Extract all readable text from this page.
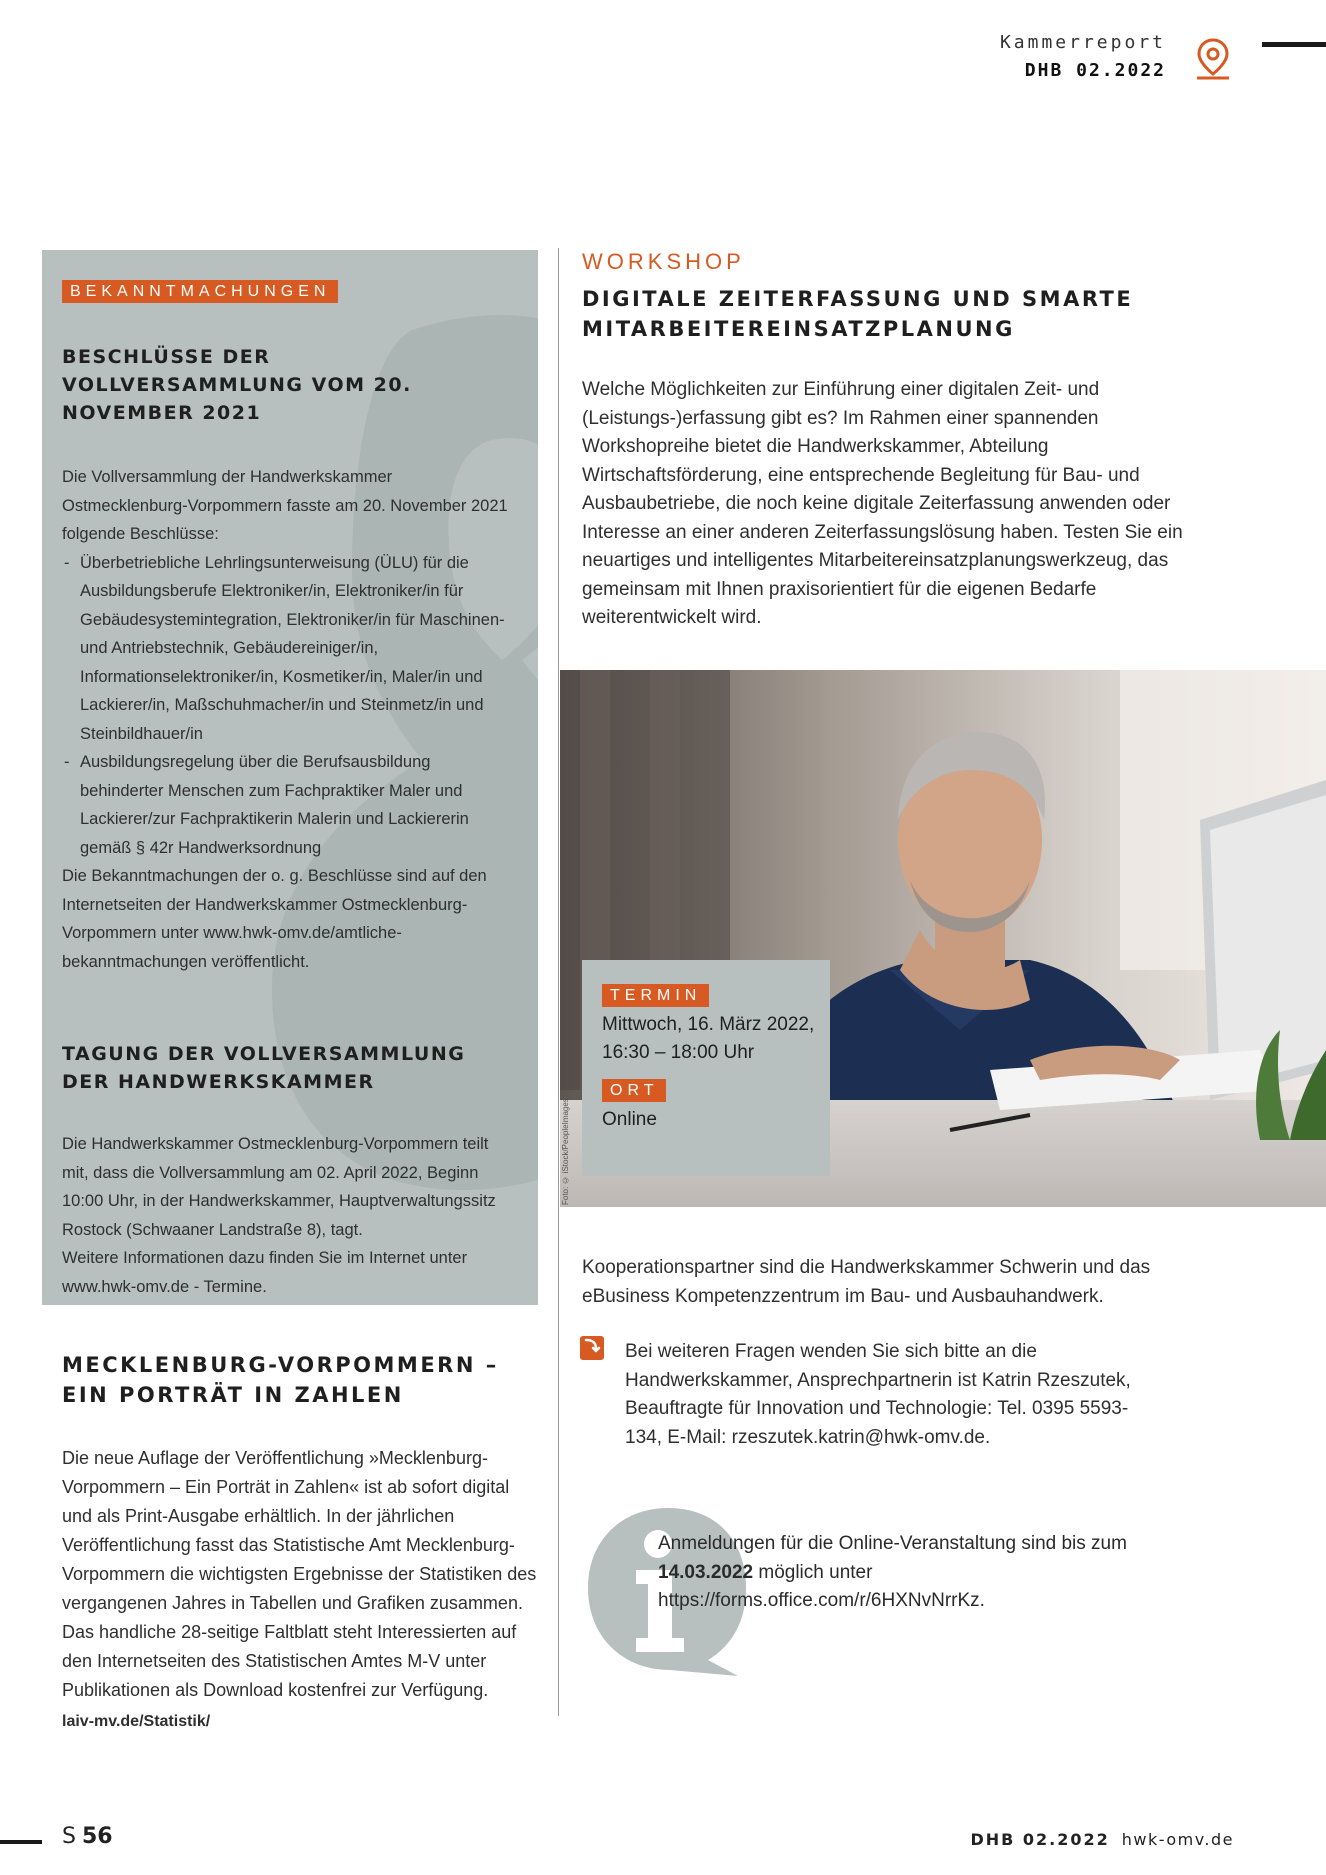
Kammerreport
DHB 02.2022
BEKANNTMACHUNGEN
BESCHLÜSSE DER VOLLVERSAMMLUNG VOM 20. NOVEMBER 2021

Die Vollversammlung der Handwerkskammer Ostmecklenburg-Vorpommern fasste am 20. November 2021 folgende Beschlüsse:

- Überbetriebliche Lehrlingsunterweisung (ÜLU) für die Ausbildungsberufe Elektroniker/in, Elektroniker/in für Gebäudesystemintegration, Elektroniker/in für Maschinen- und Antriebstechnik, Gebäudereiniger/in, Informationselektroniker/in, Kosmetiker/in, Maler/in und Lackierer/in, Maßschuhmacher/in und Steinmetz/in und Steinbildhauer/in
- Ausbildungsregelung über die Berufsausbildung behinderter Menschen zum Fachpraktiker Maler und Lackierer/zur Fachpraktikerin Malerin und Lackiererin gemäß § 42r Handwerksordnung

Die Bekanntmachungen der o. g. Beschlüsse sind auf den Internetseiten der Handwerkskammer Ostmecklenburg-Vorpommern unter www.hwk-omv.de/amtliche-bekanntmachungen veröffentlicht.

TAGUNG DER VOLLVERSAMMLUNG DER HANDWERKSKAMMER

Die Handwerkskammer Ostmecklenburg-Vorpommern teilt mit, dass die Vollversammlung am 02. April 2022, Beginn 10:00 Uhr, in der Handwerkskammer, Hauptverwaltungssitz Rostock (Schwaaner Landstraße 8), tagt.

Weitere Informationen dazu finden Sie im Internet unter www.hwk-omv.de - Termine.

MECKLENBURG-VORPOMMERN – EIN PORTRÄT IN ZAHLEN

Die neue Auflage der Veröffentlichung »Mecklenburg-Vorpommern – Ein Porträt in Zahlen« ist ab sofort digital und als Print-Ausgabe erhältlich. In der jährlichen Veröffentlichung fasst das Statistische Amt Mecklenburg-Vorpommern die wichtigsten Ergebnisse der Statistiken des vergangenen Jahres in Tabellen und Grafiken zusammen. Das handliche 28-seitige Faltblatt steht Interessierten auf den Internetseiten des Statistischen Amtes M-V unter Publikationen als Download kostenfrei zur Verfügung.

laiv-mv.de/Statistik/

WORKSHOP
DIGITALE ZEITERFASSUNG UND SMARTE MITARBEITEREINSATZPLANUNG
Welche Möglichkeiten zur Einführung einer digitalen Zeit- und (Leistungs-)erfassung gibt es? Im Rahmen einer spannenden Workshopreihe bietet die Handwerkskammer, Abteilung Wirtschaftsförderung, eine entsprechende Begleitung für Bau- und Ausbaubetriebe, die noch keine digitale Zeiterfassung anwenden oder Interesse an einer anderen Zeiterfassungslösung haben. Testen Sie ein neuartiges und intelligentes Mitarbeitereinsatzplanungswerkzeug, das gemeinsam mit Ihnen praxisorientiert für die eigenen Bedarfe weiterentwickelt wird.
Foto: © iStock/PeopleImages
TERMIN
Mittwoch, 16. März 2022, 16:30 – 18:00 Uhr
ORT
Online
Kooperationspartner sind die Handwerkskammer Schwerin und das eBusiness Kompetenzzentrum im Bau- und Ausbauhandwerk.
Bei weiteren Fragen wenden Sie sich bitte an die Handwerkskammer, Ansprechpartnerin ist Katrin Rzeszutek, Beauftragte für Innovation und Technologie: Tel. 0395 5593-134, E-Mail: rzeszutek.katrin@hwk-omv.de.
Anmeldungen für die Online-Veranstaltung sind bis zum 14.03.2022 möglich unter https://forms.office.com/r/6HXNvNrrKz.
S 56	DHB 02.2022 hwk-omv.de
